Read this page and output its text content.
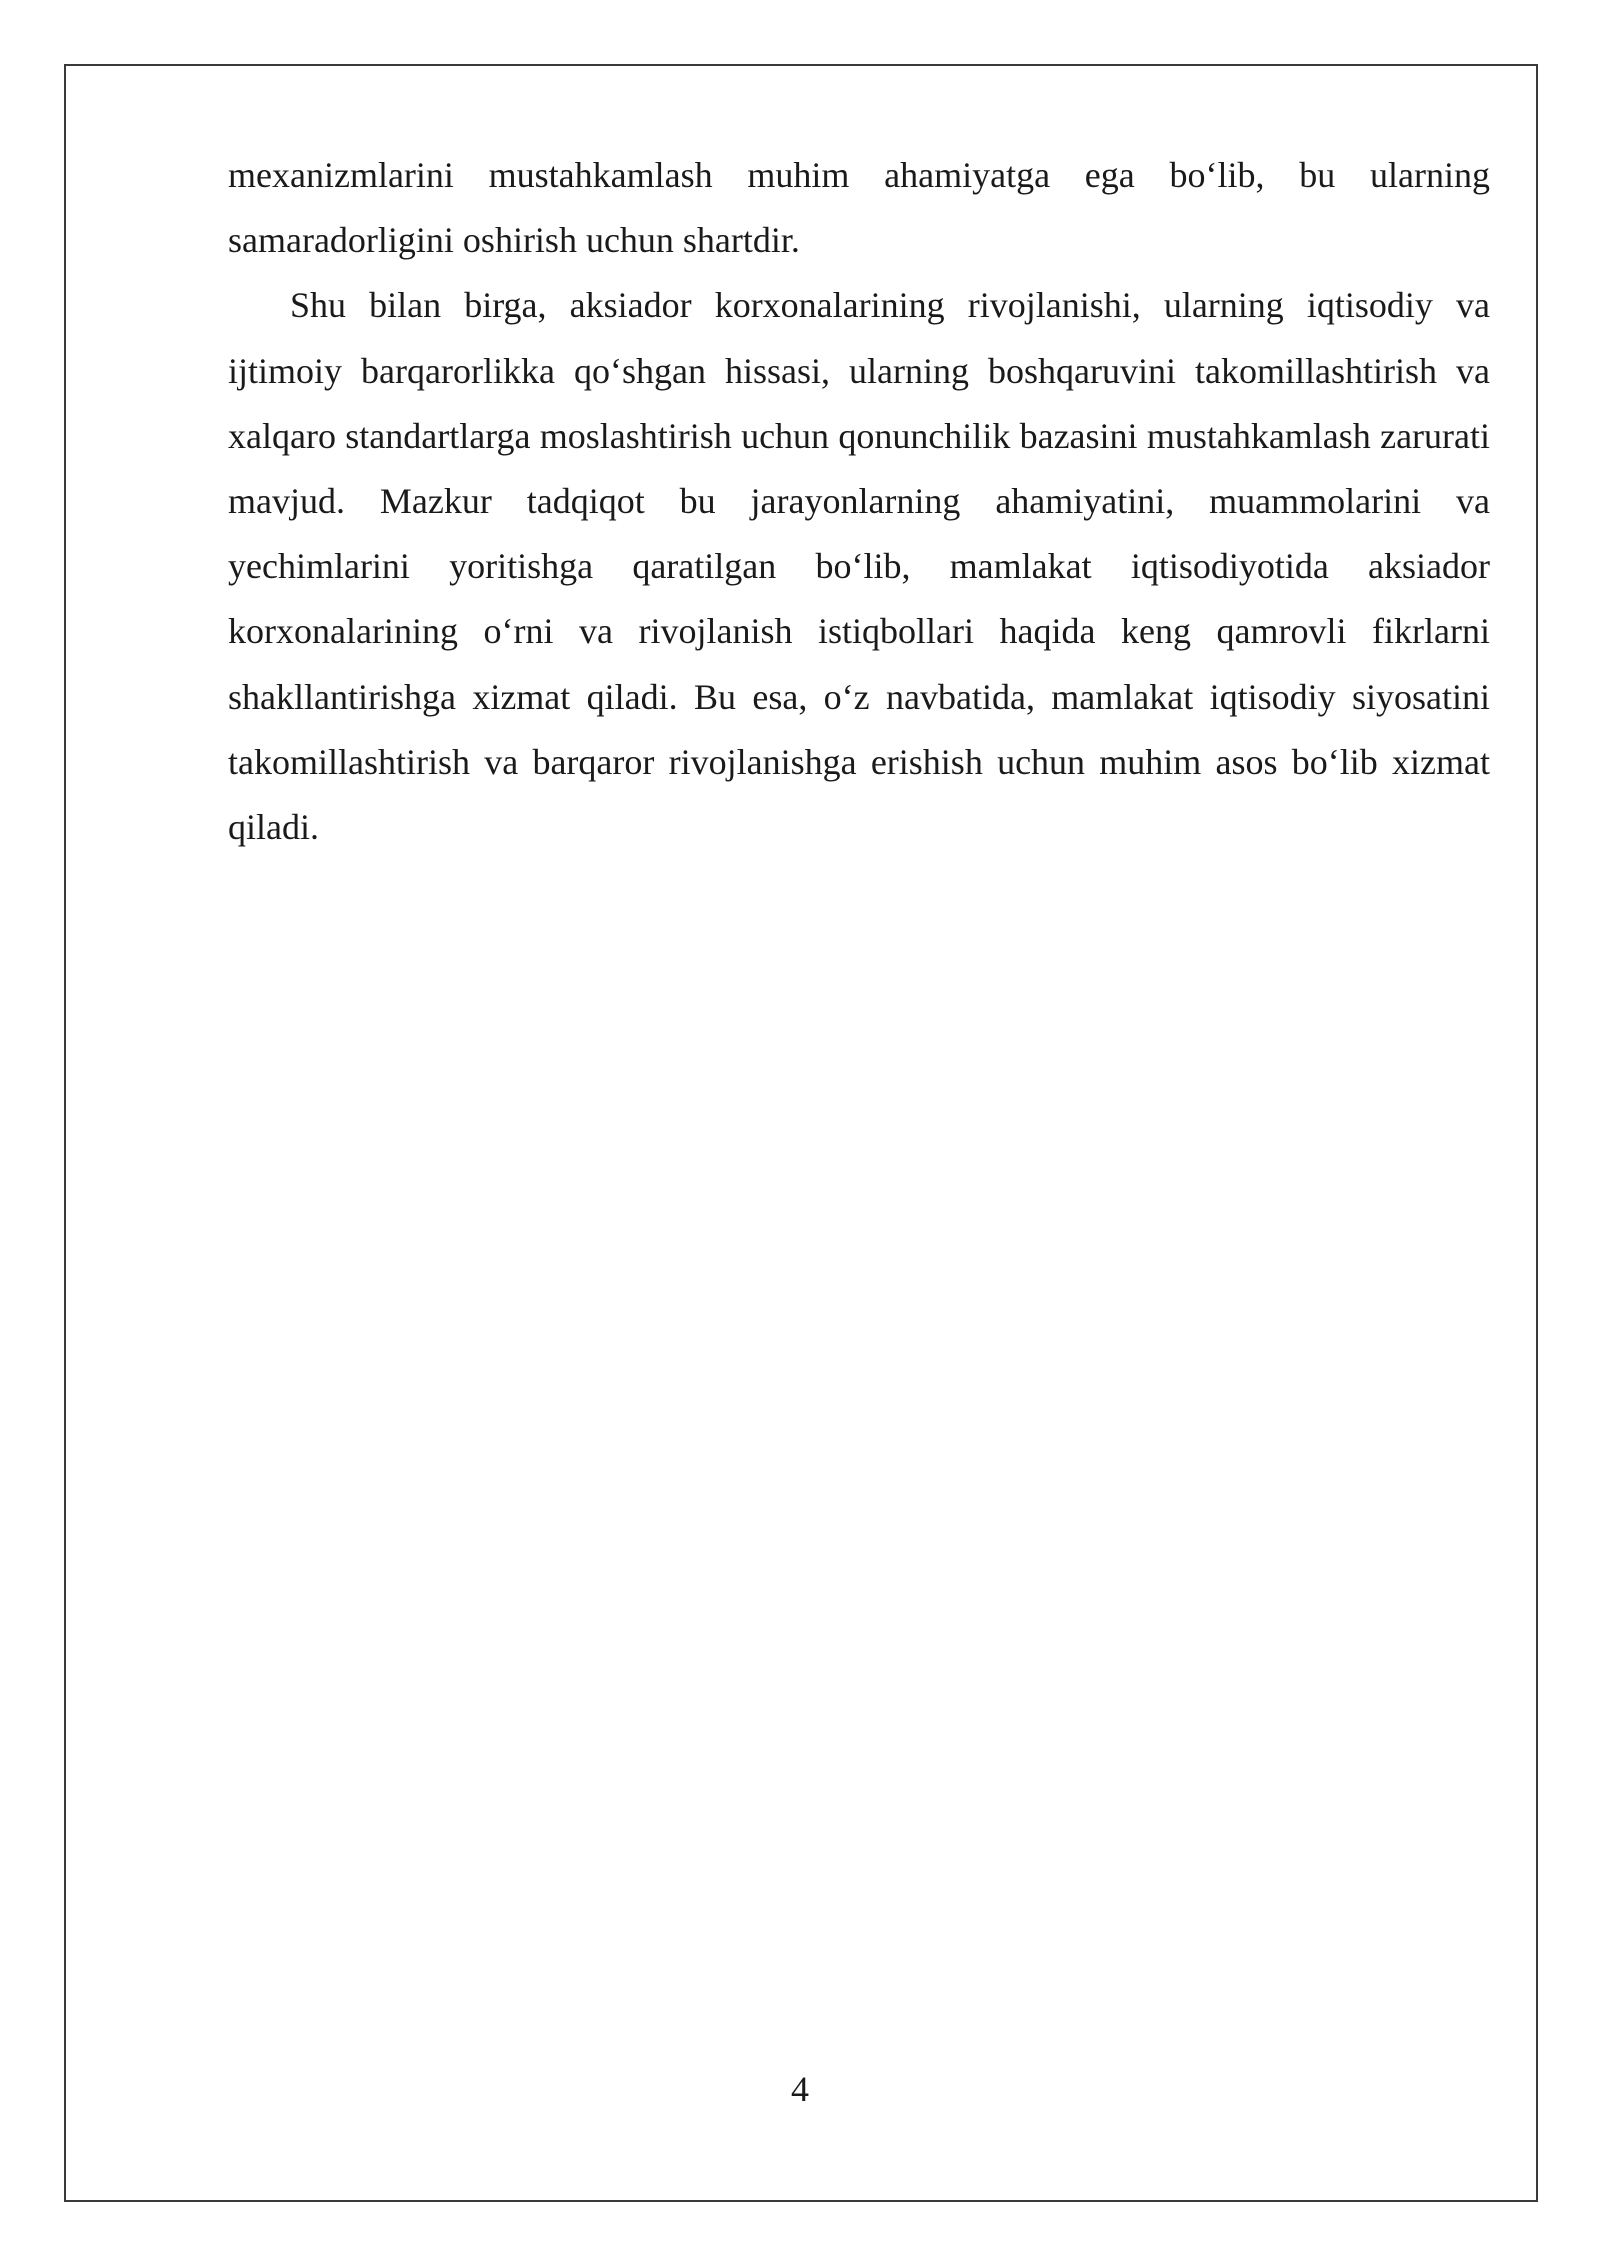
mexanizmlarini mustahkamlash muhim ahamiyatga ega bo‘lib, bu ularning samaradorligini oshirish uchun shartdir.

Shu bilan birga, aksiador korxonalarining rivojlanishi, ularning iqtisodiy va ijtimoiy barqarorlikka qo‘shgan hissasi, ularning boshqaruvini takomillashtirish va xalqaro standartlarga moslashtirish uchun qonunchilik bazasini mustahkamlash zarurati mavjud. Mazkur tadqiqot bu jarayonlarning ahamiyatini, muammolarini va yechimlarini yoritishga qaratilgan bo‘lib, mamlakat iqtisodiyotida aksiador korxonalarining o‘rni va rivojlanish istiqbollari haqida keng qamrovli fikrlarni shakllantirishga xizmat qiladi. Bu esa, o‘z navbatida, mamlakat iqtisodiy siyosatini takomillashtirish va barqaror rivojlanishga erishish uchun muhim asos bo‘lib xizmat qiladi.

4
